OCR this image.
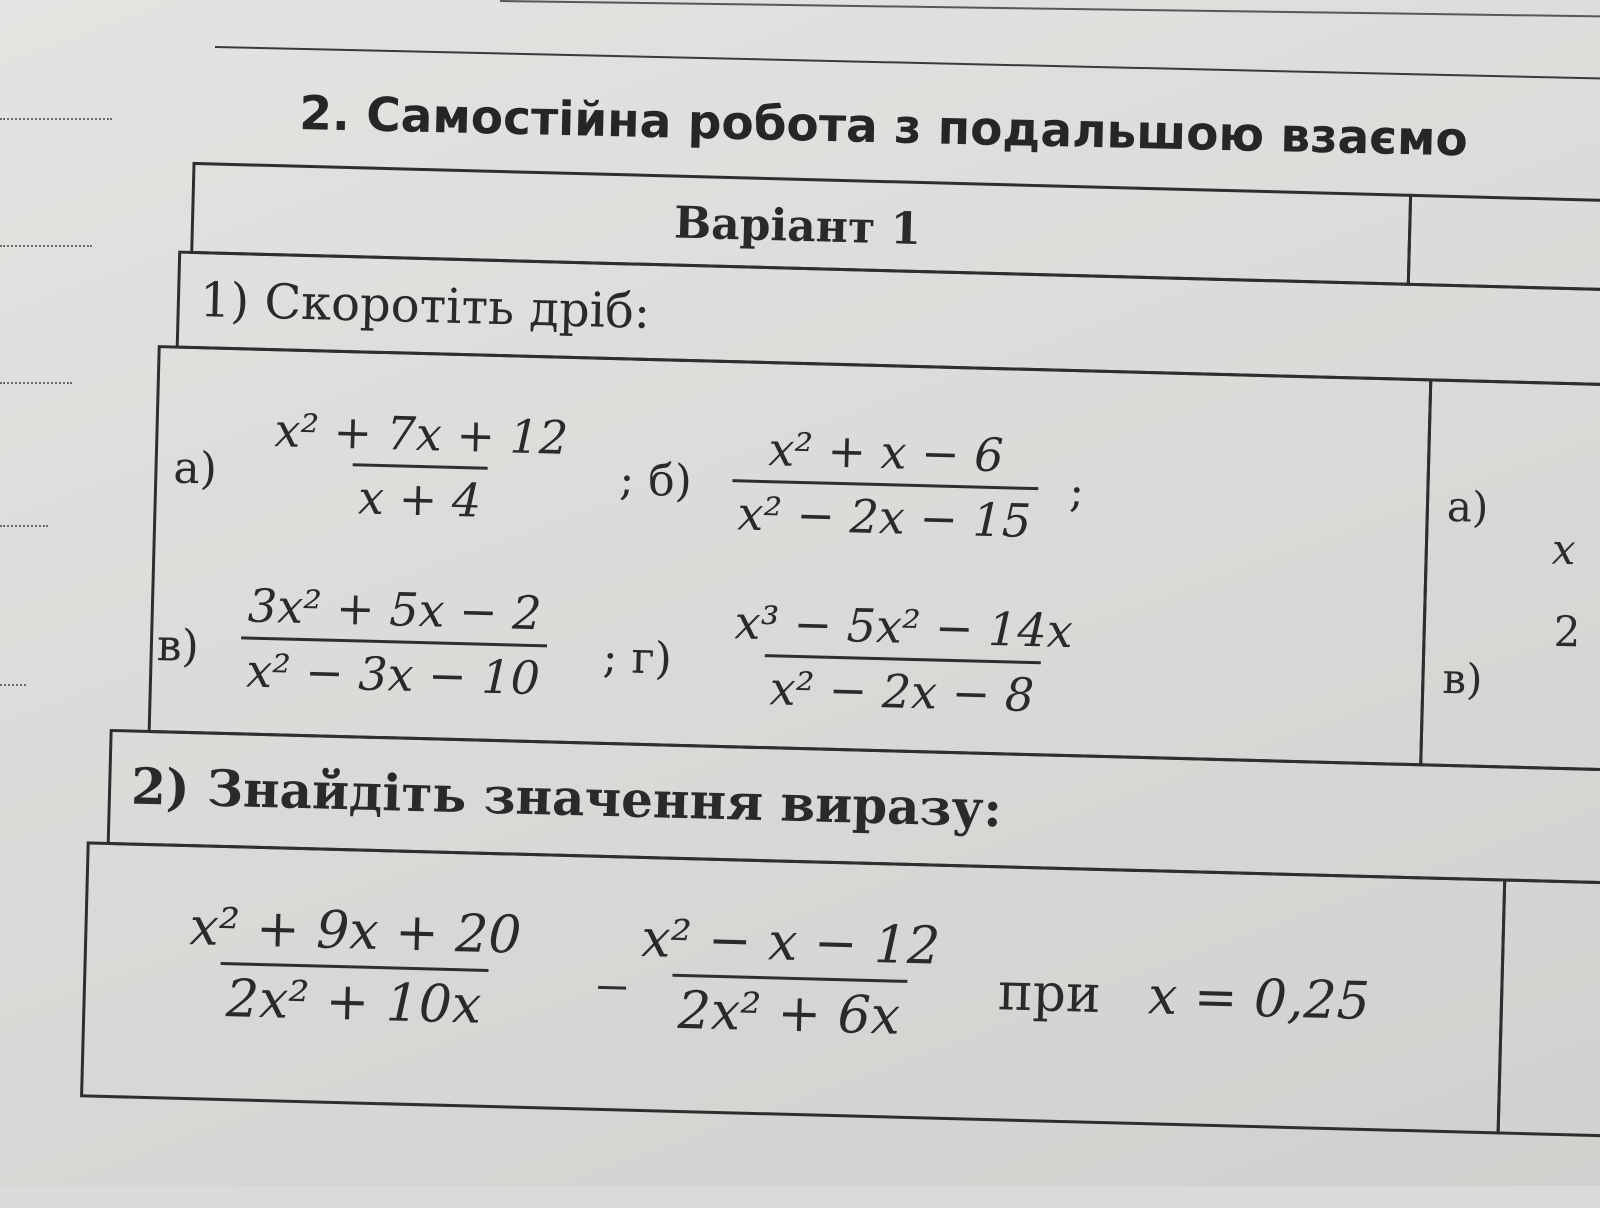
2. Самостійна робота з подальшою взаємо
Варіант 1
1) Скоротіть дріб:
$а) \frac{\text{x² + 7x + 12}}{x + 4}$ ; $б) \frac{\text{x² + x − 6}}{\text{x² − 2x − 15}}$ ;
$в) \frac{\text{3x² + 5x − 2}}{\text{x² − 3x − 10}}$ ; $г) \frac{\text{x³ − 5x² − 14x}}{\text{x² − 2x − 8}}$
а)
x
в)
2
2) Знайдіть значення виразу:
$\frac{\text{x² + 9x + 20}}{\text{2x² + 10x}} \frac{\text{x² − x − 12}}{\text{2x² + 6x}}$ при x = 0,25
